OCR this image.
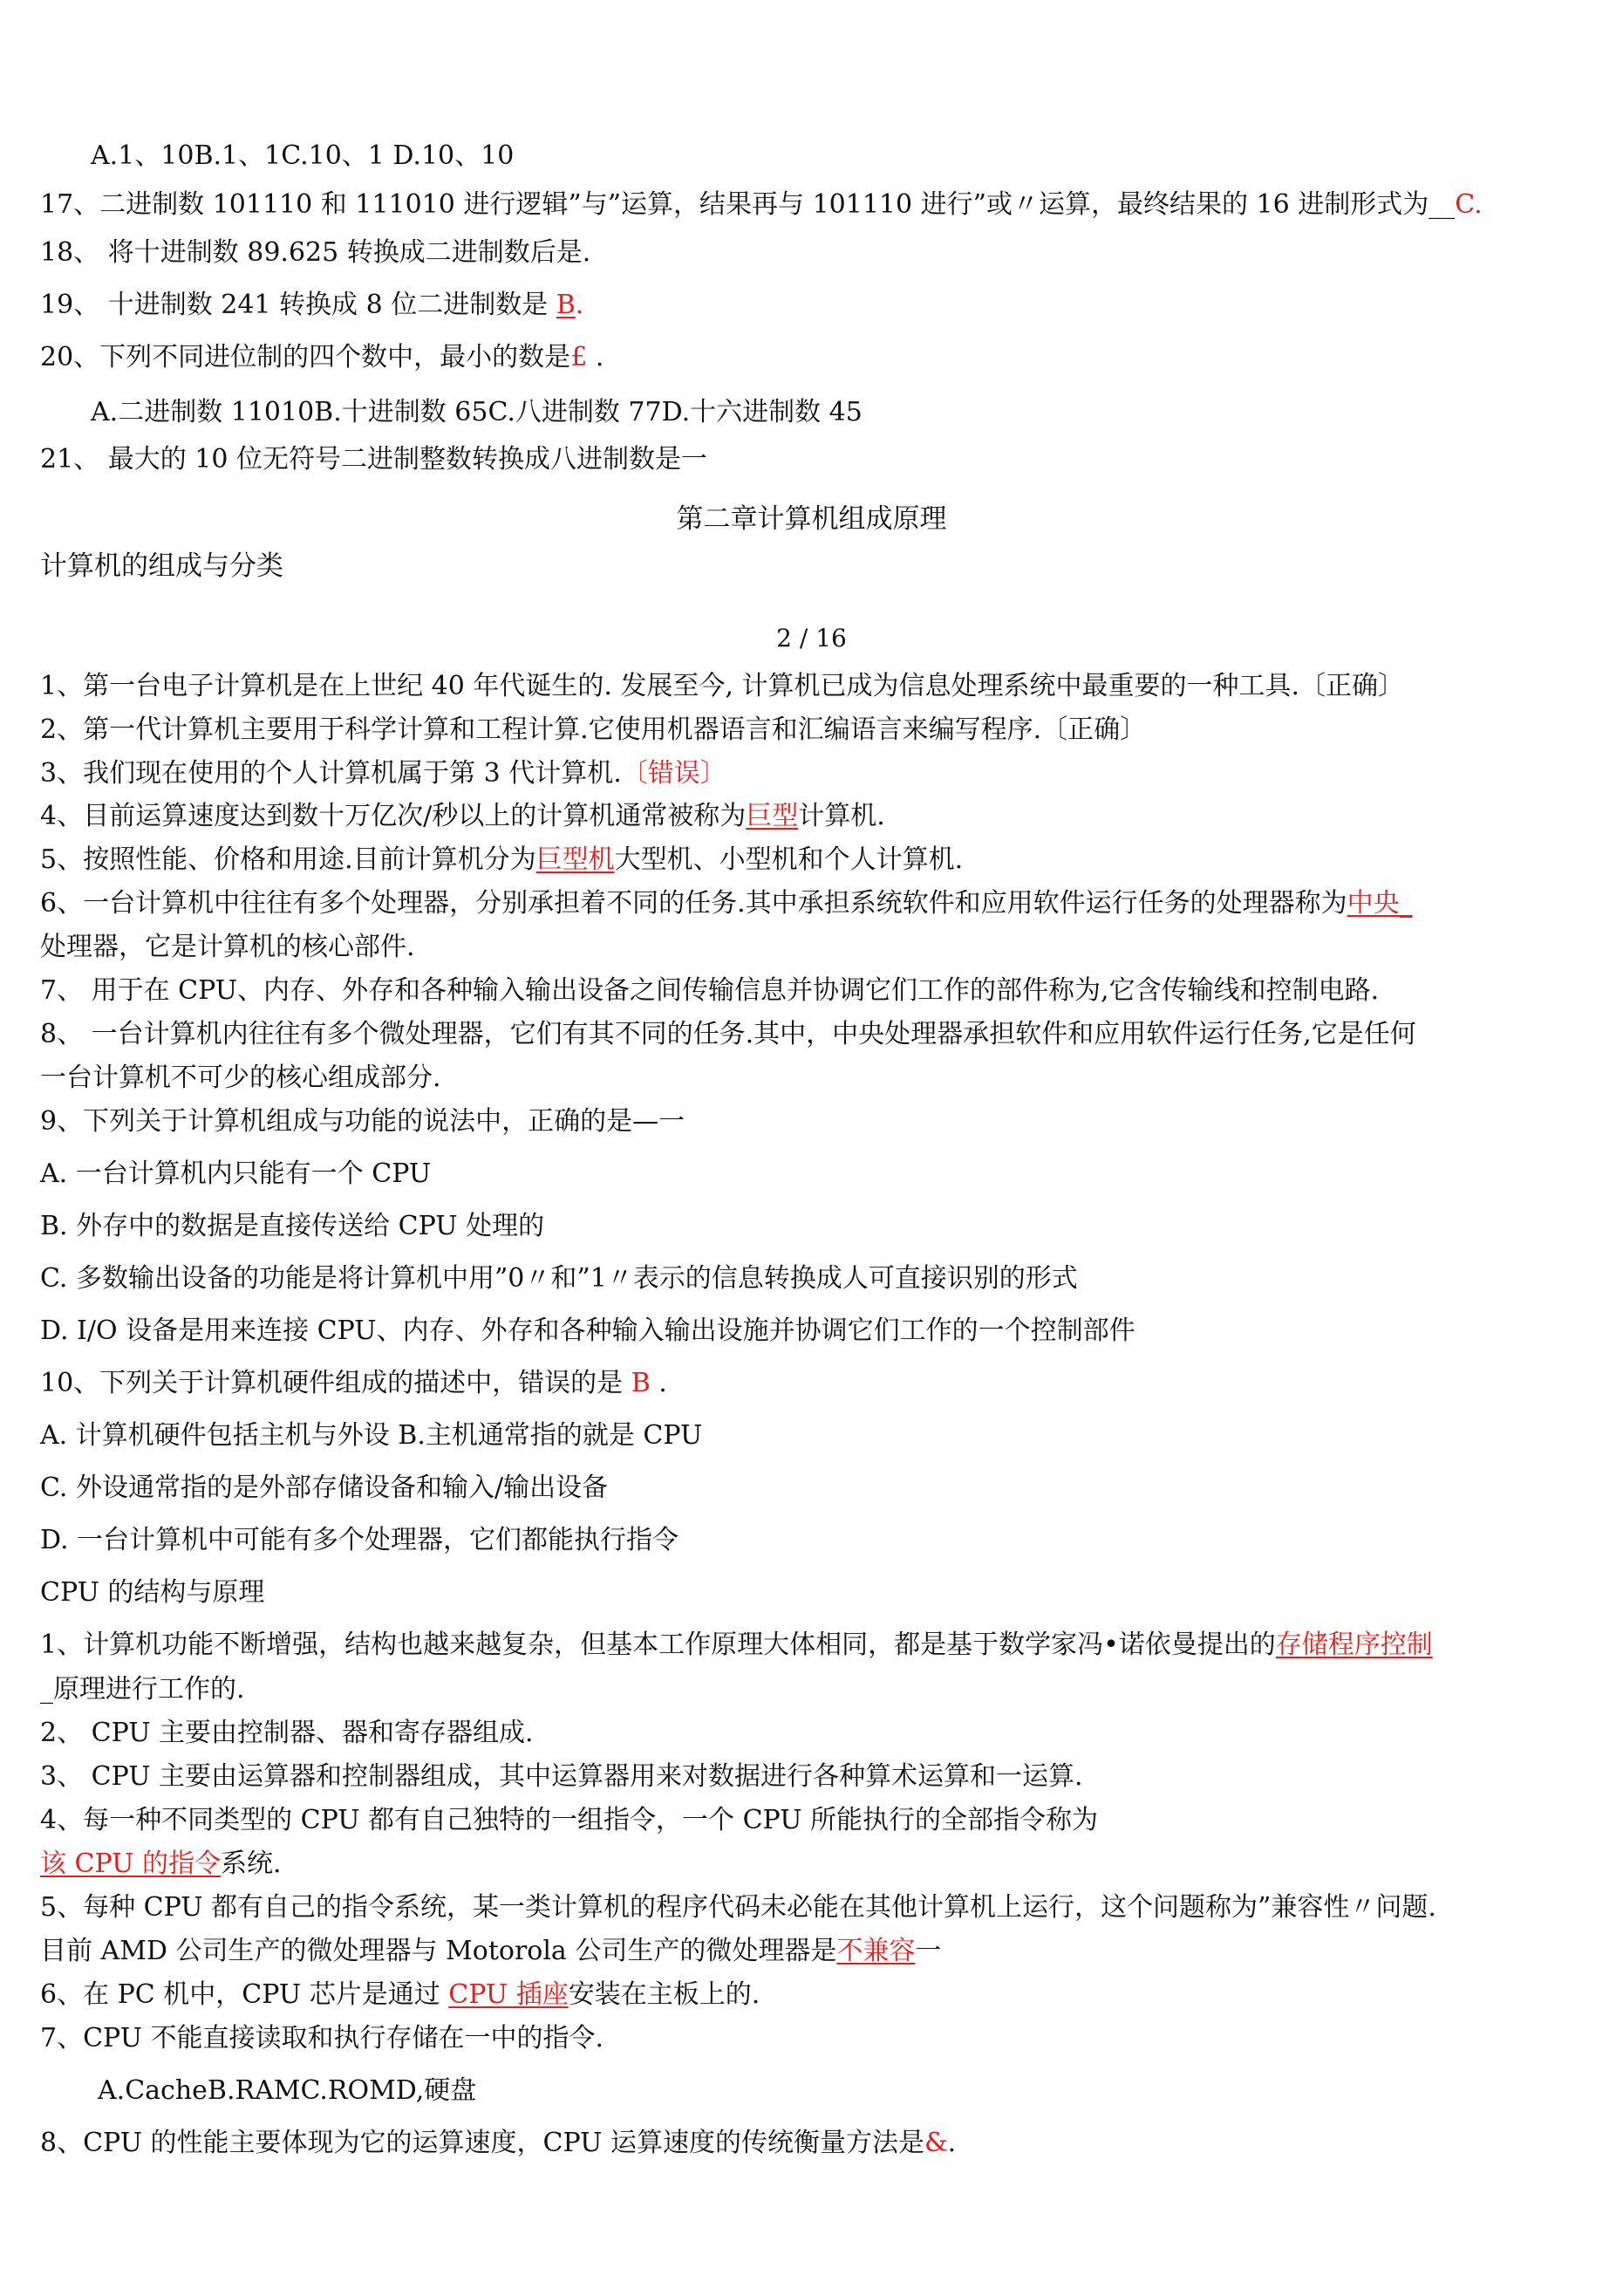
A.1、10B.1、1C.10、1 D.10、10
17、二进制数 101110 和 111010 进行逻辑”与”运算，结果再与 101110 进行”或〃运算，最终结果的 16 进制形式为__C.
18、 将十进制数 89.625 转换成二进制数后是.
19、 十进制数 241 转换成 8 位二进制数是 B.
20、下列不同进位制的四个数中，最小的数是£ .
A.二进制数 11010B.十进制数 65C.八进制数 77D.十六进制数 45
21、 最大的 10 位无符号二进制整数转换成八进制数是一
第二章计算机组成原理
计算机的组成与分类
2 / 16
1、第一台电子计算机是在上世纪 40 年代诞生的. 发展至今, 计算机已成为信息处理系统中最重要的一种工具.〔正确〕
2、第一代计算机主要用于科学计算和工程计算.它使用机器语言和汇编语言来编写程序.〔正确〕
3、我们现在使用的个人计算机属于第 3 代计算机.〔错误〕
4、目前运算速度达到数十万亿次/秒以上的计算机通常被称为巨型计算机.
5、按照性能、价格和用途.目前计算机分为巨型机大型机、小型机和个人计算机.
6、一台计算机中往往有多个处理器，分别承担着不同的任务.其中承担系统软件和应用软件运行任务的处理器称为中央_
处理器，它是计算机的核心部件.
7、 用于在 CPU、内存、外存和各种输入输出设备之间传输信息并协调它们工作的部件称为,它含传输线和控制电路.
8、 一台计算机内往往有多个微处理器，它们有其不同的任务.其中，中央处理器承担软件和应用软件运行任务,它是任何
一台计算机不可少的核心组成部分.
9、下列关于计算机组成与功能的说法中，正确的是—一
A. 一台计算机内只能有一个 CPU
B. 外存中的数据是直接传送给 CPU 处理的
C. 多数输出设备的功能是将计算机中用”0〃和”1〃表示的信息转换成人可直接识别的形式
D. I/O 设备是用来连接 CPU、内存、外存和各种输入输出设施并协调它们工作的一个控制部件
10、下列关于计算机硬件组成的描述中，错误的是 B .
A. 计算机硬件包括主机与外设 B.主机通常指的就是 CPU
C. 外设通常指的是外部存储设备和输入/输出设备
D. 一台计算机中可能有多个处理器，它们都能执行指令
CPU 的结构与原理
1、计算机功能不断增强，结构也越来越复杂，但基本工作原理大体相同，都是基于数学家冯•诺依曼提出的存储程序控制
_原理进行工作的.
2、 CPU 主要由控制器、器和寄存器组成.
3、 CPU 主要由运算器和控制器组成，其中运算器用来对数据进行各种算术运算和一运算.
4、每一种不同类型的 CPU 都有自己独特的一组指令，一个 CPU 所能执行的全部指令称为
该 CPU 的指令系统.
5、每种 CPU 都有自己的指令系统，某一类计算机的程序代码未必能在其他计算机上运行，这个问题称为”兼容性〃问题.
目前 AMD 公司生产的微处理器与 Motorola 公司生产的微处理器是不兼容一
6、在 PC 机中，CPU 芯片是通过 CPU 插座安装在主板上的.
7、CPU 不能直接读取和执行存储在一中的指令.
A.CacheB.RAMC.ROMD,硬盘
8、CPU 的性能主要体现为它的运算速度，CPU 运算速度的传统衡量方法是&.
